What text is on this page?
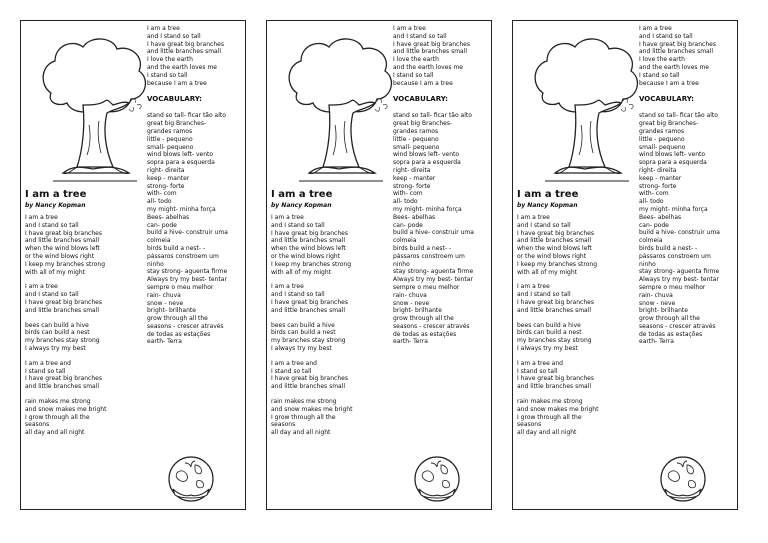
I am a tree
by Nancy Kopman
I am a tree
and I stand so tall
I have great big branches
and little branches small
when the wind blows left
or the wind blows right
I keep my branches strong
with all of my might
I am a tree
and I stand so tall
I have great big branches
and little branches small
bees can build a hive
birds can build a nest
my branches stay strong
I always try my best
I am a tree and
I stand so tall
I have great big branches
and little branches small
rain makes me strong
and snow makes me bright
I grow through all the
seasons
all day and all night
I am a tree
and I stand so tall
I have great big branches
and little branches small
I love the earth
and the earth loves me
I stand so tall
because I am a tree
VOCABULARY:
stand so tall- ficar tão alto
great big Branches-
grandes ramos
little - pequeno
small- pequeno
wind blows left- vento
sopra para a esquerda
right- direita
keep - manter
strong- forte
with- com
all- todo
my might- minha força
Bees- abelhas
can- pode
build a hive- construir uma
colmeia
birds build a nest- -
pássaros constroem um
ninho
stay strong- aguenta firme
Always try my best- tentar
sempre o meu melhor
rain- chuva
snow - neve
bright- brilhante
grow through all the
seasons - crescer através
de todas as estações
earth- Terra
I am a tree
by Nancy Kopman
I am a tree
and I stand so tall
I have great big branches
and little branches small
when the wind blows left
or the wind blows right
I keep my branches strong
with all of my might
I am a tree
and I stand so tall
I have great big branches
and little branches small
bees can build a hive
birds can build a nest
my branches stay strong
I always try my best
I am a tree and
I stand so tall
I have great big branches
and little branches small
rain makes me strong
and snow makes me bright
I grow through all the
seasons
all day and all night
I am a tree
and I stand so tall
I have great big branches
and little branches small
I love the earth
and the earth loves me
I stand so tall
because I am a tree
VOCABULARY:
stand so tall- ficar tão alto
great big Branches-
grandes ramos
little - pequeno
small- pequeno
wind blows left- vento
sopra para a esquerda
right- direita
keep - manter
strong- forte
with- com
all- todo
my might- minha força
Bees- abelhas
can- pode
build a hive- construir uma
colmeia
birds build a nest- -
pássaros constroem um
ninho
stay strong- aguenta firme
Always try my best- tentar
sempre o meu melhor
rain- chuva
snow - neve
bright- brilhante
grow through all the
seasons - crescer através
de todas as estações
earth- Terra
I am a tree
by Nancy Kopman
I am a tree
and I stand so tall
I have great big branches
and little branches small
when the wind blows left
or the wind blows right
I keep my branches strong
with all of my might
I am a tree
and I stand so tall
I have great big branches
and little branches small
bees can build a hive
birds can build a nest
my branches stay strong
I always try my best
I am a tree and
I stand so tall
I have great big branches
and little branches small
rain makes me strong
and snow makes me bright
I grow through all the
seasons
all day and all night
I am a tree
and I stand so tall
I have great big branches
and little branches small
I love the earth
and the earth loves me
I stand so tall
because I am a tree
VOCABULARY:
stand so tall- ficar tão alto
great big Branches-
grandes ramos
little - pequeno
small- pequeno
wind blows left- vento
sopra para a esquerda
right- direita
keep - manter
strong- forte
with- com
all- todo
my might- minha força
Bees- abelhas
can- pode
build a hive- construir uma
colmeia
birds build a nest- -
pássaros constroem um
ninho
stay strong- aguenta firme
Always try my best- tentar
sempre o meu melhor
rain- chuva
snow - neve
bright- brilhante
grow through all the
seasons - crescer através
de todas as estações
earth- Terra
